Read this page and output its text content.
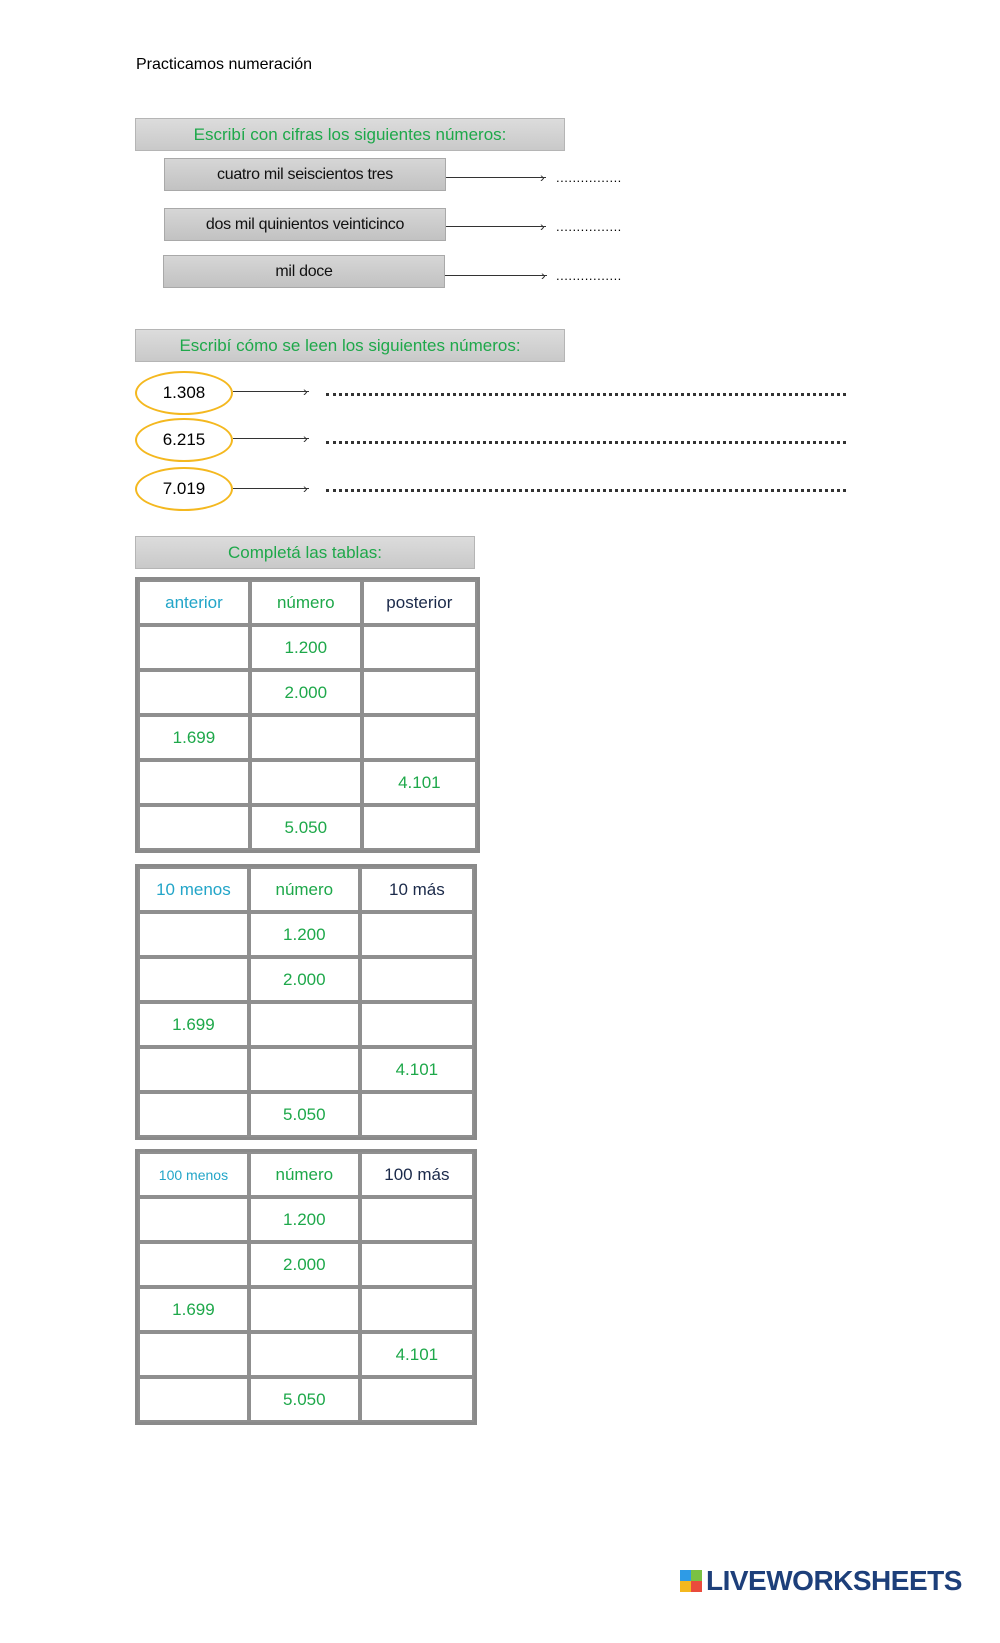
Practicamos numeración
Escribí con cifras los siguientes números:
cuatro mil seiscientos tres	› ................
dos mil quinientos veinticinco	› ................
mil doce	› ................
Escribí cómo se leen los siguientes números:
1.308	›
6.215	›
7.019	›
Completá las tablas:
anterior	número	posterior
	1.200	
	2.000	
1.699		
		4.101
	5.050	
10 menos	número	10 más
	1.200	
	2.000	
1.699		
		4.101
	5.050	
100 menos	número	100 más
	1.200	
	2.000	
1.699		
		4.101
	5.050	
LIVEWORKSHEETS
